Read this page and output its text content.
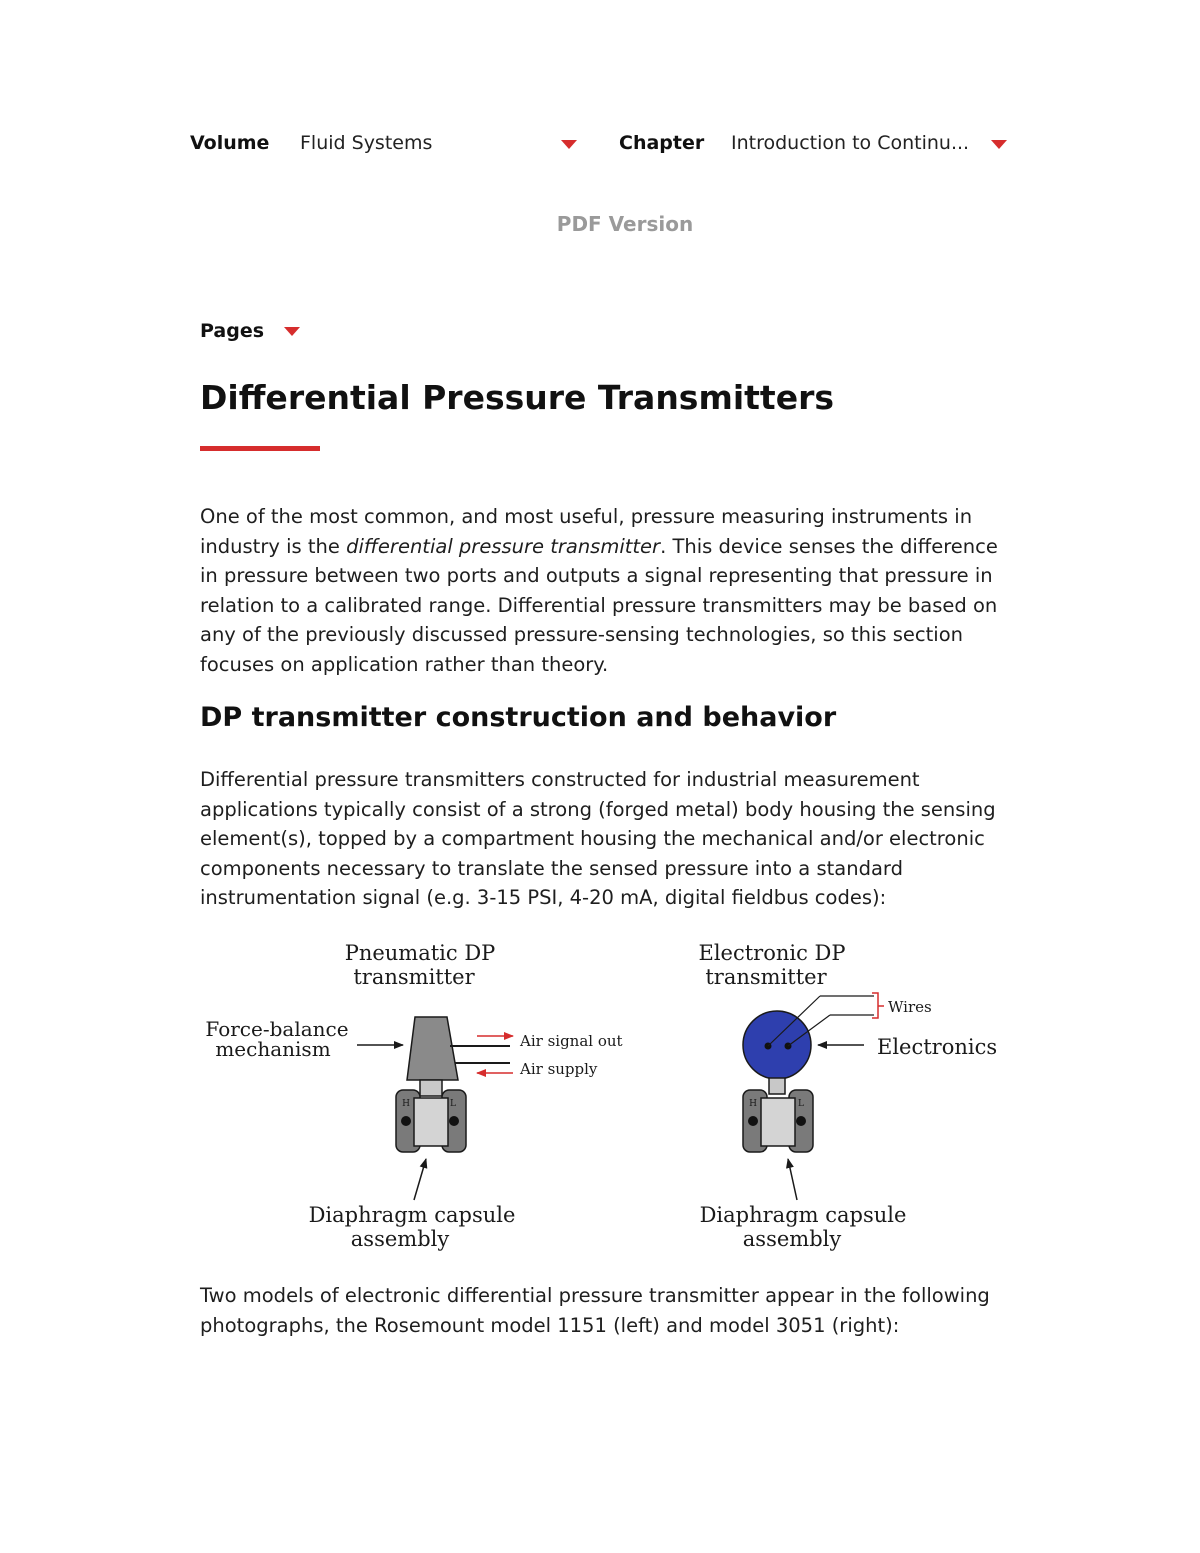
Volume Fluid Systems	Chapter Introduction to Continu...
PDF Version
Pages
Differential Pressure Transmitters

One of the most common, and most useful, pressure measuring instruments in industry is the differential pressure transmitter. This device senses the difference in pressure between two ports and outputs a signal representing that pressure in relation to a calibrated range. Differential pressure transmitters may be based on any of the previously discussed pressure-sensing technologies, so this section focuses on application rather than theory.

DP transmitter construction and behavior

Differential pressure transmitters constructed for industrial measurement applications typically consist of a strong (forged metal) body housing the sensing element(s), topped by a compartment housing the mechanical and/or electronic components necessary to translate the sensed pressure into a standard instrumentation signal (e.g. 3-15 PSI, 4-20 mA, digital fieldbus codes):

Pneumatic DP
transmitter
Force-balance
mechanism
H	L
Air signal out
Air supply
Diaphragm capsule
assembly
Electronic DP
transmitter
Wires
Electronics
H	L
Diaphragm capsule
assembly

Two models of electronic differential pressure transmitter appear in the following photographs, the Rosemount model 1151 (left) and model 3051 (right):
